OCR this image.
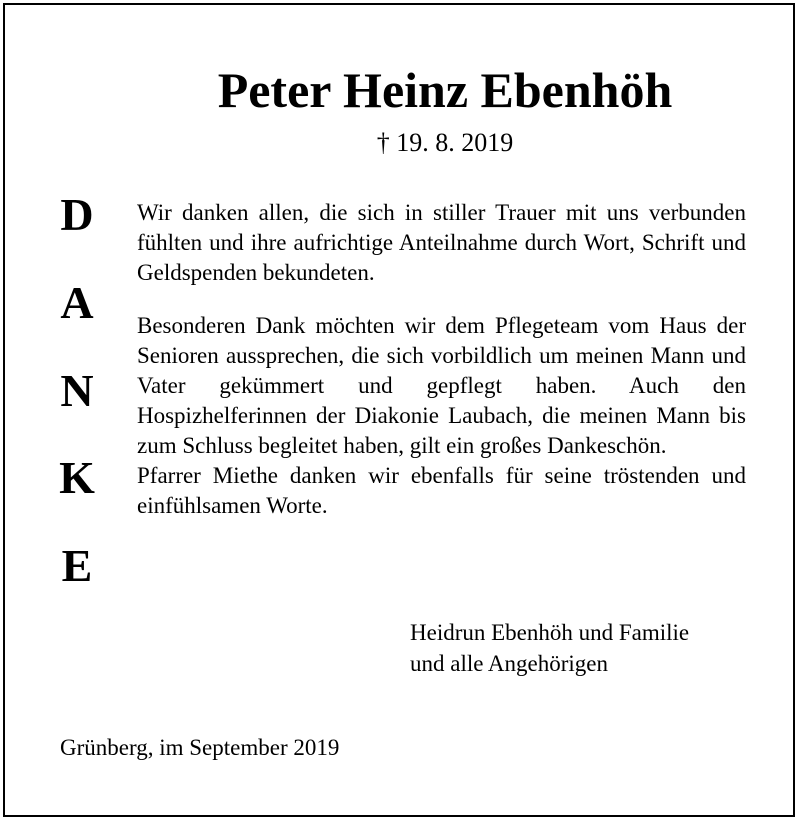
Peter Heinz Ebenhöh
† 19. 8. 2019
D
A
N
K
E

Wir danken allen, die sich in stiller Trauer mit uns verbunden fühlten und ihre aufrichtige Anteilnahme durch Wort, Schrift und Geldspenden bekundeten.

Besonderen Dank möchten wir dem Pflegeteam vom Haus der Senioren aussprechen, die sich vorbildlich um meinen Mann und Vater gekümmert und gepflegt haben. Auch den Hospizhelferinnen der Diakonie Laubach, die meinen Mann bis zum Schluss begleitet haben, gilt ein großes Dankeschön.

Pfarrer Miethe danken wir ebenfalls für seine tröstenden und einfühlsamen Worte.

Heidrun Ebenhöh und Familie
und alle Angehörigen
Grünberg, im September 2019
